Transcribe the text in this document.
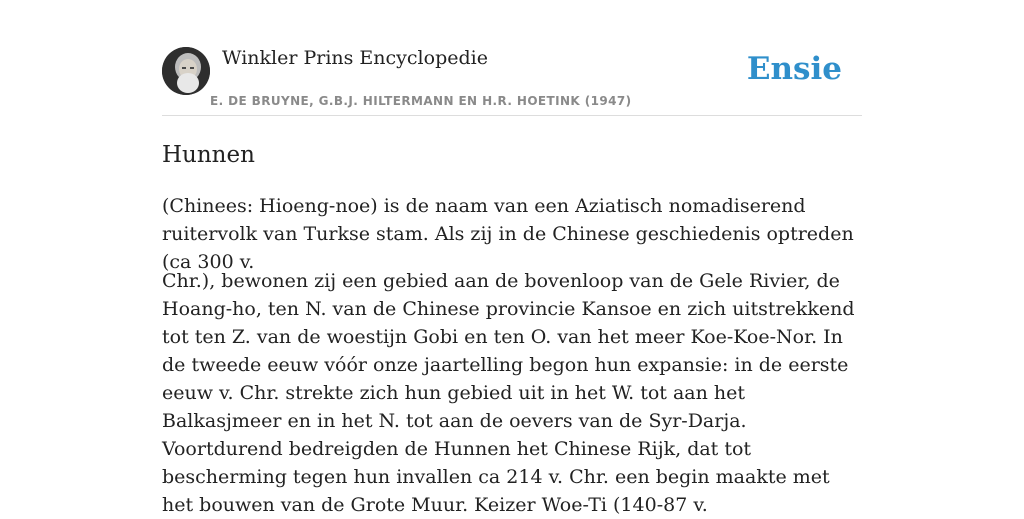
Winkler Prins Encyclopedie
E. DE BRUYNE, G.B.J. HILTERMANN EN H.R. HOETINK (1947)
Ensie
Hunnen

(Chinees: Hioeng-noe) is de naam van een Aziatisch nomadiserend ruitervolk van Turkse stam. Als zij in de Chinese geschiedenis optreden (ca 300 v.

Chr.), bewonen zij een gebied aan de bovenloop van de Gele Rivier, de Hoang-ho, ten N. van de Chinese provincie Kansoe en zich uitstrekkend tot ten Z. van de woestijn Gobi en ten O. van het meer Koe-Koe-Nor. In de tweede eeuw vóór onze jaartelling begon hun expansie: in de eerste eeuw v. Chr. strekte zich hun gebied uit in het W. tot aan het Balkasjmeer en in het N. tot aan de oevers van de Syr-Darja. Voortdurend bedreigden de Hunnen het Chinese Rijk, dat tot bescherming tegen hun invallen ca 214 v. Chr. een begin maakte met het bouwen van de Grote Muur. Keizer Woe-Ti (140-87 v.
